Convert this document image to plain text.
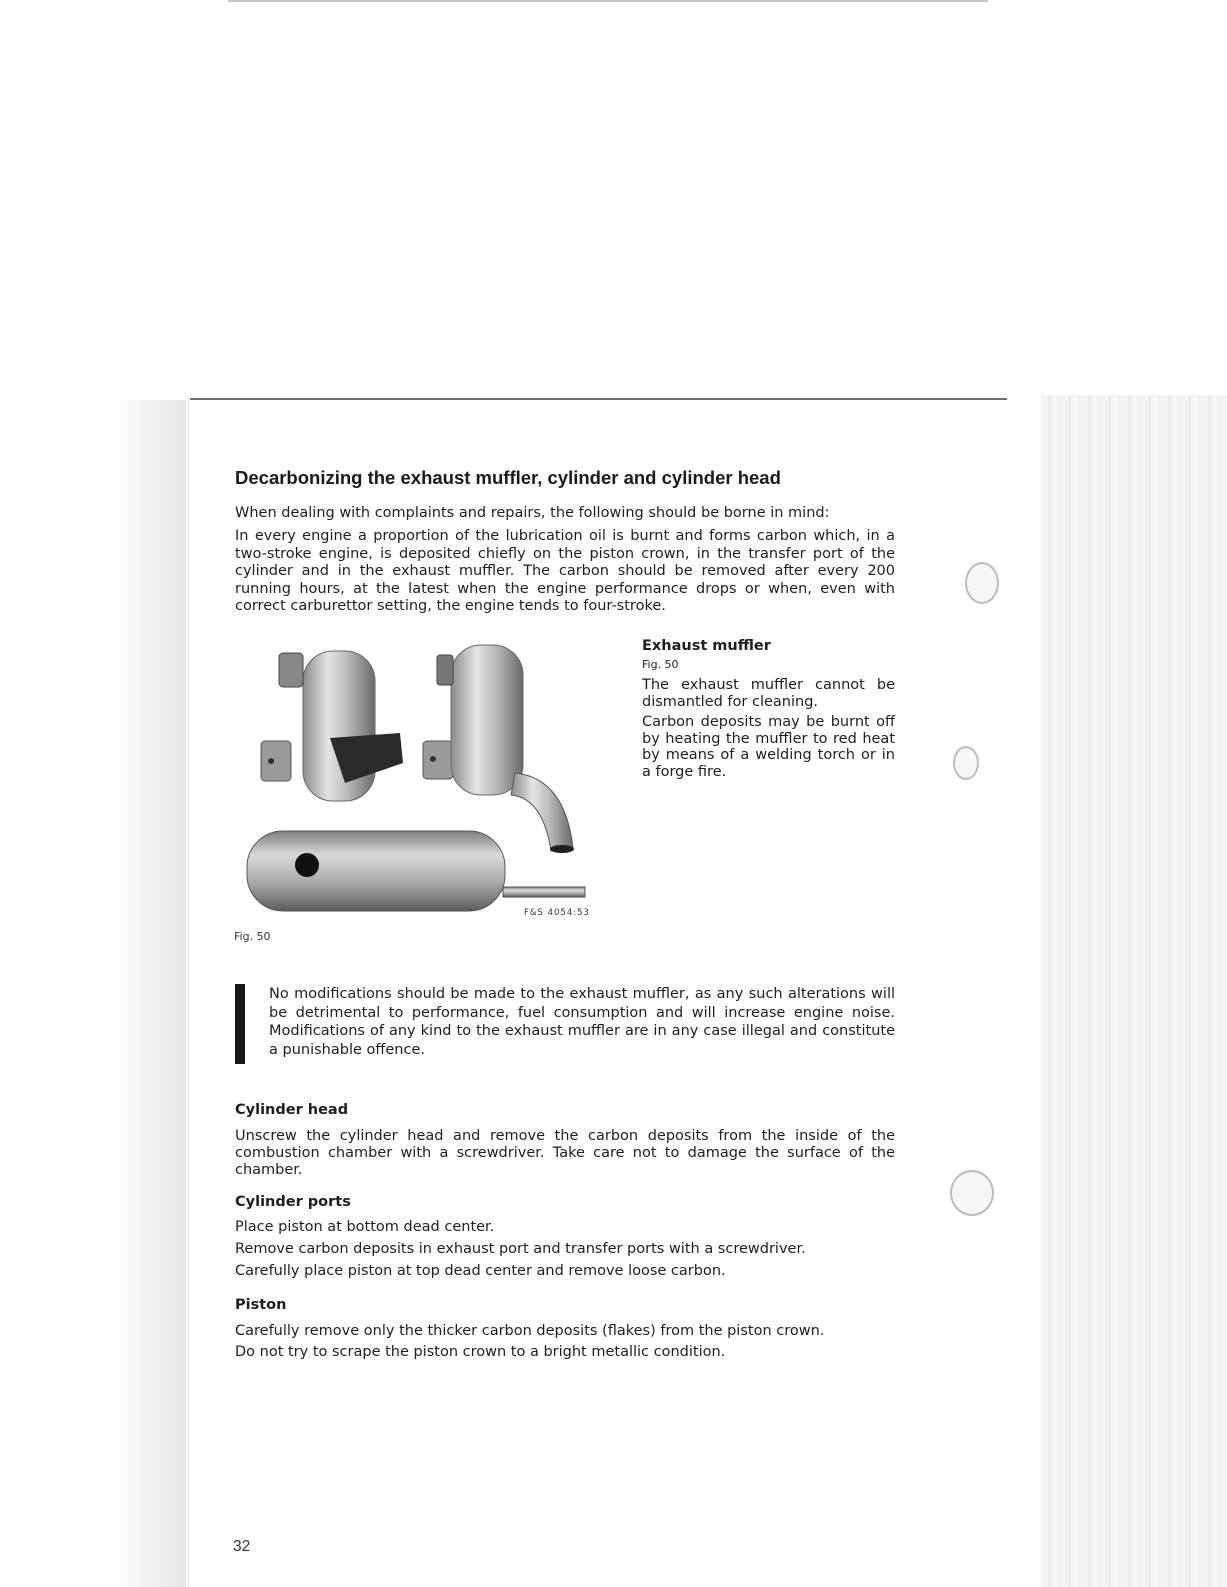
Decarbonizing the exhaust muffler, cylinder and cylinder head

When dealing with complaints and repairs, the following should be borne in mind:

In every engine a proportion of the lubrication oil is burnt and forms carbon which, in a two-stroke engine, is deposited chiefly on the piston crown, in the transfer port of the cylinder and in the exhaust muffler. The carbon should be removed after every 200 running hours, at the latest when the engine performance drops or when, even with correct carburettor setting, the engine tends to four-stroke.

F&S 4054:53
Fig. 50

Exhaust muffler

Fig. 50

The exhaust muffler cannot be dismantled for cleaning.

Carbon deposits may be burnt off by heating the muffler to red heat by means of a welding torch or in a forge fire.

No modifications should be made to the exhaust muffler, as any such alterations will be detrimental to performance, fuel consumption and will increase engine noise. Modifications of any kind to the exhaust muffler are in any case illegal and constitute a punishable offence.

Cylinder head

Unscrew the cylinder head and remove the carbon deposits from the inside of the combustion chamber with a screwdriver. Take care not to damage the surface of the chamber.

Cylinder ports

Place piston at bottom dead center.

Remove carbon deposits in exhaust port and transfer ports with a screwdriver.

Carefully place piston at top dead center and remove loose carbon.

Piston

Carefully remove only the thicker carbon deposits (flakes) from the piston crown.

Do not try to scrape the piston crown to a bright metallic condition.

32
